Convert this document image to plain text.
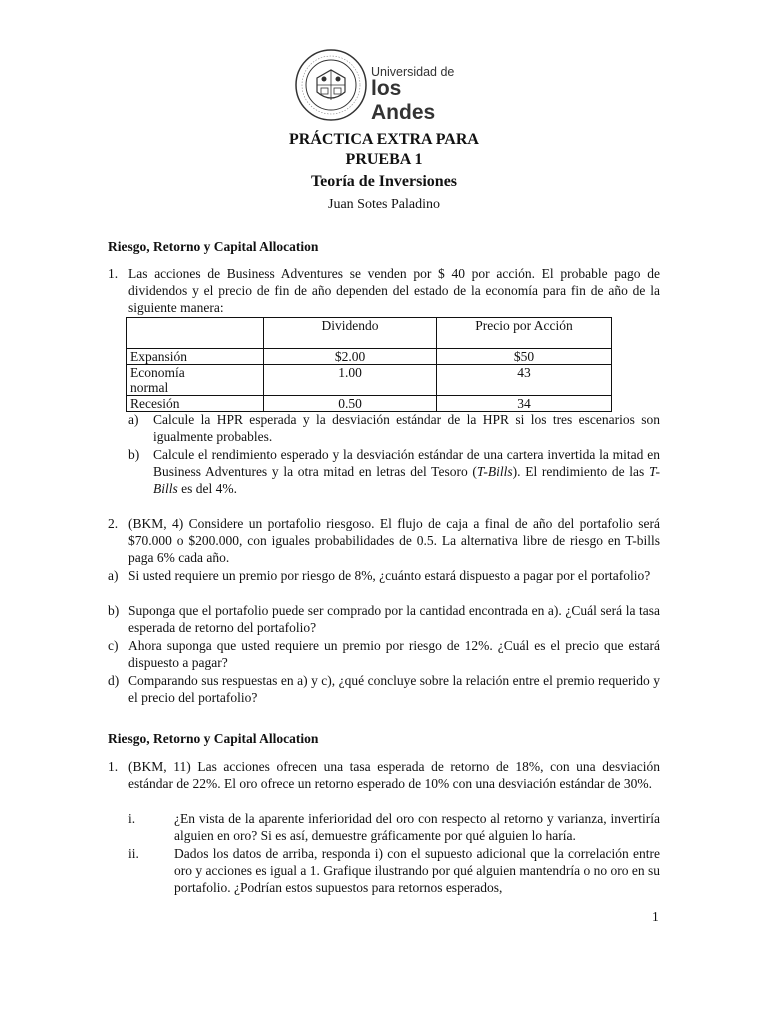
Universidad de
los Andes
PRÁCTICA EXTRA PARA
PRUEBA 1
Teoría de Inversiones
Juan Sotes Paladino
Riesgo, Retorno y Capital Allocation
1. Las acciones de Business Adventures se venden por $ 40 por acción. El probable pago de dividendos y el precio de fin de año dependen del estado de la economía para fin de año de la siguiente manera:
	Dividendo	Precio por Acción
Expansión	$2.00	$50
Economía normal	1.00	43
Recesión	0.50	34
a) Calcule la HPR esperada y la desviación estándar de la HPR si los tres escenarios son igualmente probables.
b) Calcule el rendimiento esperado y la desviación estándar de una cartera invertida la mitad en Business Adventures y la otra mitad en letras del Tesoro (T-Bills). El rendimiento de las T-Bills es del 4%.
2. (BKM, 4) Considere un portafolio riesgoso. El flujo de caja a final de año del portafolio será $70.000 o $200.000, con iguales probabilidades de 0.5. La alternativa libre de riesgo en T-bills paga 6% cada año.
a) Si usted requiere un premio por riesgo de 8%, ¿cuánto estará dispuesto a pagar por el portafolio?
b) Suponga que el portafolio puede ser comprado por la cantidad encontrada en a). ¿Cuál será la tasa esperada de retorno del portafolio?
c) Ahora suponga que usted requiere un premio por riesgo de 12%. ¿Cuál es el precio que estará dispuesto a pagar?
d) Comparando sus respuestas en a) y c), ¿qué concluye sobre la relación entre el premio requerido y el precio del portafolio?
Riesgo, Retorno y Capital Allocation
1. (BKM, 11) Las acciones ofrecen una tasa esperada de retorno de 18%, con una desviación estándar de 22%. El oro ofrece un retorno esperado de 10% con una desviación estándar de 30%.
i.	¿En vista de la aparente inferioridad del oro con respecto al retorno y varianza, invertiría alguien en oro? Si es así, demuestre gráficamente por qué alguien lo haría.
ii.	Dados los datos de arriba, responda i) con el supuesto adicional que la correlación entre oro y acciones es igual a 1. Grafique ilustrando por qué alguien mantendría o no oro en su portafolio. ¿Podrían estos supuestos para retornos esperados,
1
